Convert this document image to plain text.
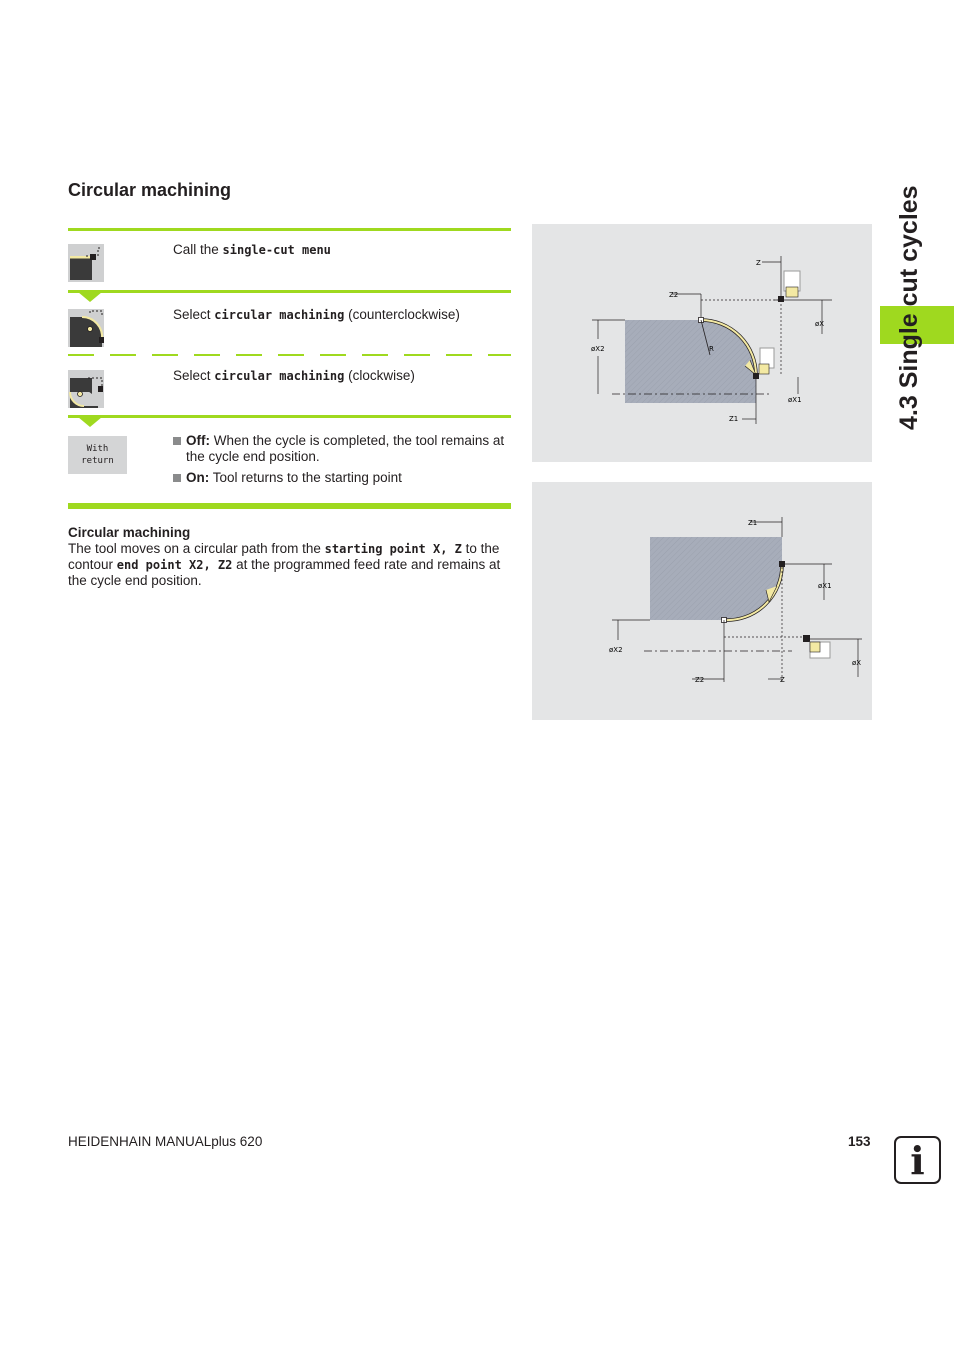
4.3 Single cut cycles
Circular machining
Call the single-cut menu
Select circular machining (counterclockwise)
Select circular machining (clockwise)
With
return
Off: When the cycle is completed, the tool remains at the cycle end position.
On: Tool returns to the starting point
Circular machining
The tool moves on a circular path from the starting point X, Z to the contour end point X2, Z2 at the programmed feed rate and remains at the cycle end position.
Z
Z2
øX
øX2	R
øX1
Z1
Z1
øX1
øX2
øX
Z2	Z
HEIDENHAIN MANUALplus 620	153	i
